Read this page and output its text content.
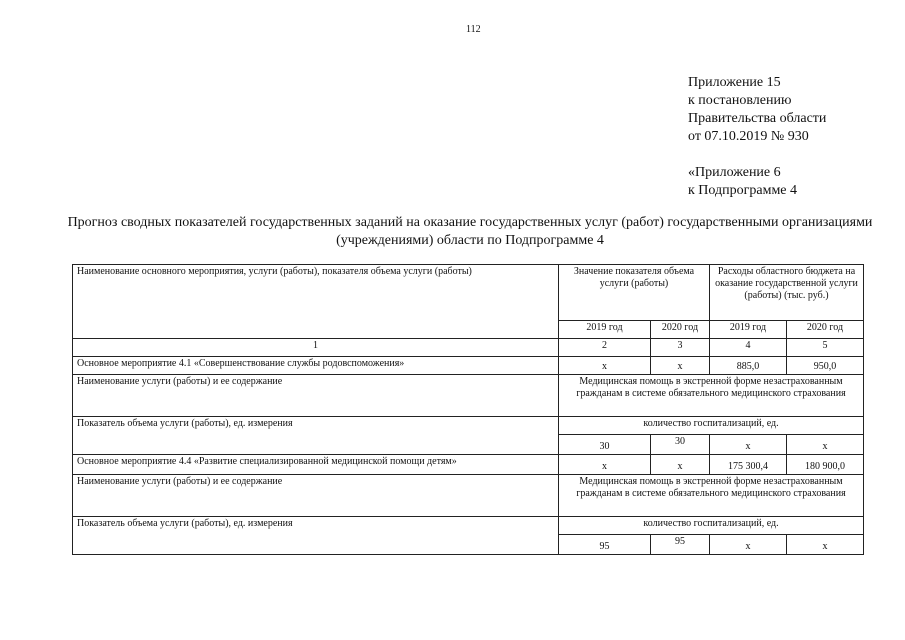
112
Приложение 15
к постановлению
Правительства области
от 07.10.2019 № 930
«Приложение 6
к Подпрограмме 4
Прогноз сводных показателей государственных заданий на оказание государственных услуг (работ) государственными организациями (учреждениями) области по Подпрограмме 4
Наименование основного мероприятия, услуги (работы), показателя объема услуги (работы)	Значение показателя объема услуги (работы)		Расходы областного бюджета на оказание государственной услуги (работы) (тыс. руб.)	
	2019 год	2020 год	2019 год	2020 год
1	2	3	4	5
Основное мероприятие 4.1 «Совершенствование службы родовспоможения»	х	х	885,0	950,0
Наименование услуги (работы) и ее содержание	Медицинская помощь в экстренной форме незастрахованным гражданам в системе обязательного медицинского страхования			
Показатель объема услуги (работы), ед. измерения	количество госпитализаций, ед.			
	30	30	х	х
Основное мероприятие 4.4 «Развитие специализированной медицинской помощи детям»	х	х	175 300,4	180 900,0
Наименование услуги (работы) и ее содержание	Медицинская помощь в экстренной форме незастрахованным гражданам в системе обязательного медицинского страхования			
Показатель объема услуги (работы), ед. измерения	количество госпитализаций, ед.			
	95	95	х	х
